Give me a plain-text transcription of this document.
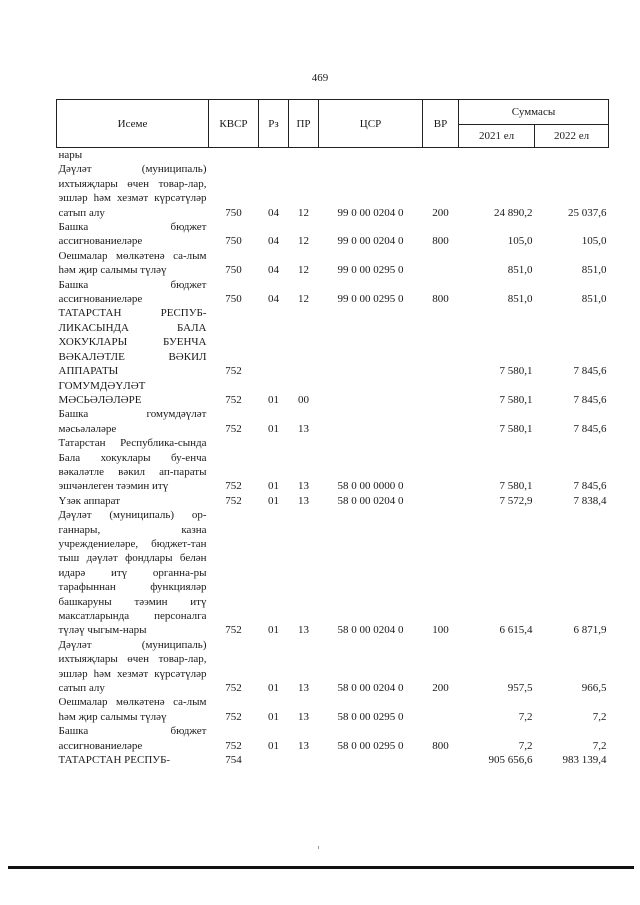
469
Исеме	КВСР	Рз	ПР	ЦСР	ВР	Суммасы	
						2021 ел	2022 ел
нары							
Дәүләт (муниципаль) ихтыяҗлары өчен товар-лар, эшләр һәм хезмәт күрсәтүләр сатып алу	750	04	12	99 0 00 0204 0	200	24 890,2	25 037,6
Башка бюджет ассигнованиеләре	750	04	12	99 0 00 0204 0	800	105,0	105,0
Оешмалар мөлкәтенә са-лым һәм җир салымы түләү	750	04	12	99 0 00 0295 0		851,0	851,0
Башка бюджет ассигнованиеләре	750	04	12	99 0 00 0295 0	800	851,0	851,0
ТАТАРСТАН РЕСПУБ-ЛИКАСЫНДА БАЛА ХОКУКЛАРЫ БУЕНЧА ВӘКАЛӘТЛЕ ВӘКИЛ АППАРАТЫ	752					7 580,1	7 845,6
ГОМУМДӘҮЛӘТ МӘСЬӘЛӘЛӘРЕ	752	01	00			7 580,1	7 845,6
Башка гомумдәүләт мәсьәләләре	752	01	13			7 580,1	7 845,6
Татарстан Республика-сында Бала хокуклары бу-енча вәкаләтле вәкил ап-параты эшчәнлеген тәэмин итү	752	01	13	58 0 00 0000 0		7 580,1	7 845,6
Үзәк аппарат	752	01	13	58 0 00 0204 0		7 572,9	7 838,4
Дәүләт (муниципаль) ор-ганнары, казна учреждениеләре, бюджет-тан тыш дәүләт фондлары белән идарә итү органна-ры тарафыннан функцияләр башкаруны тәэмин итү максатларында персоналга түләү чыгым-нары	752	01	13	58 0 00 0204 0	100	6 615,4	6 871,9
Дәүләт (муниципаль) ихтыяҗлары өчен товар-лар, эшләр һәм хезмәт күрсәтүләр сатып алу	752	01	13	58 0 00 0204 0	200	957,5	966,5
Оешмалар мөлкәтенә са-лым һәм җир салымы түләү	752	01	13	58 0 00 0295 0		7,2	7,2
Башка бюджет ассигнованиеләре	752	01	13	58 0 00 0295 0	800	7,2	7,2
ТАТАРСТАН РЕСПУБ-	754					905 656,6	983 139,4
